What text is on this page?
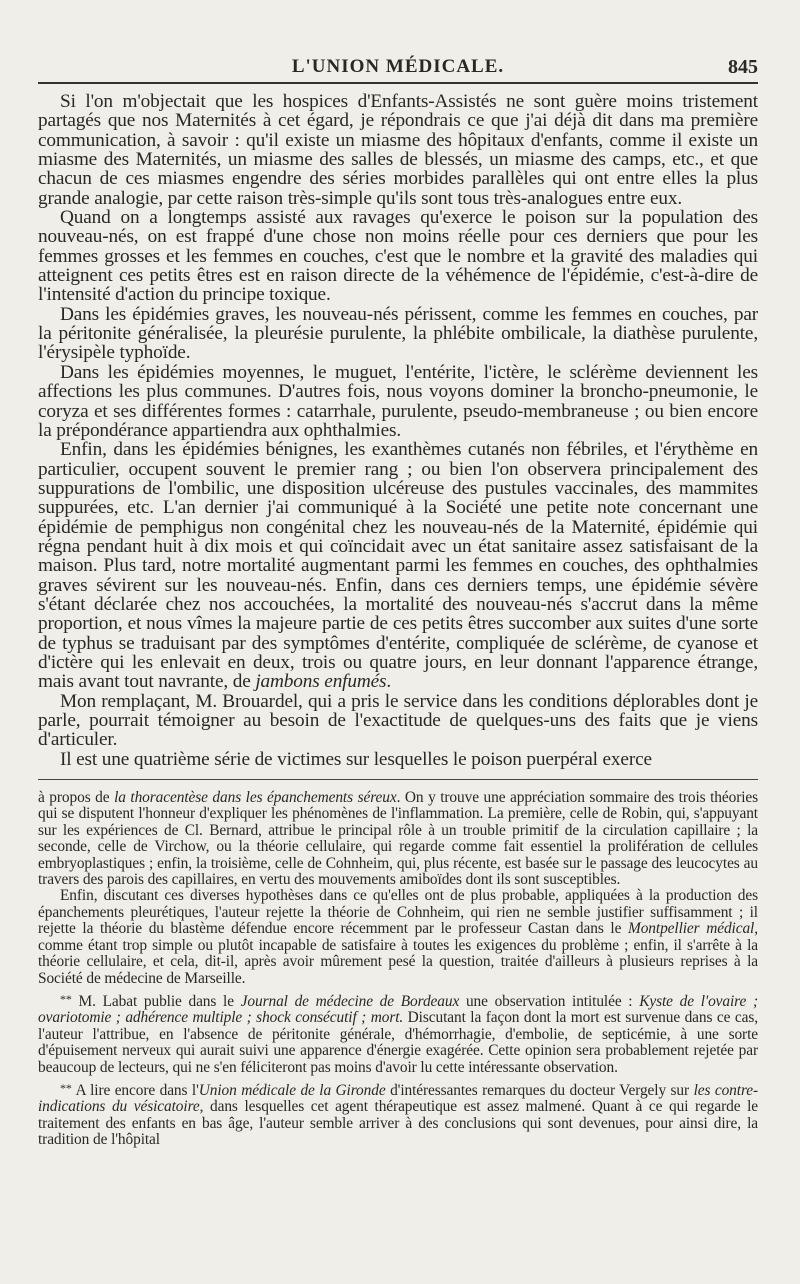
L'UNION MÉDICALE.	845

Si l'on m'objectait que les hospices d'Enfants-Assistés ne sont guère moins tristement partagés que nos Maternités à cet égard, je répondrais ce que j'ai déjà dit dans ma première communication, à savoir : qu'il existe un miasme des hôpitaux d'enfants, comme il existe un miasme des Maternités, un miasme des salles de blessés, un miasme des camps, etc., et que chacun de ces miasmes engendre des séries morbides parallèles qui ont entre elles la plus grande analogie, par cette raison très-simple qu'ils sont tous très-analogues entre eux.

Quand on a longtemps assisté aux ravages qu'exerce le poison sur la population des nouveau-nés, on est frappé d'une chose non moins réelle pour ces derniers que pour les femmes grosses et les femmes en couches, c'est que le nombre et la gravité des maladies qui atteignent ces petits êtres est en raison directe de la véhémence de l'épidémie, c'est-à-dire de l'intensité d'action du principe toxique.

Dans les épidémies graves, les nouveau-nés périssent, comme les femmes en couches, par la péritonite généralisée, la pleurésie purulente, la phlébite ombilicale, la diathèse purulente, l'érysipèle typhoïde.

Dans les épidémies moyennes, le muguet, l'entérite, l'ictère, le sclérème deviennent les affections les plus communes. D'autres fois, nous voyons dominer la broncho-pneumonie, le coryza et ses différentes formes : catarrhale, purulente, pseudo-membraneuse ; ou bien encore la prépondérance appartiendra aux ophthalmies.

Enfin, dans les épidémies bénignes, les exanthèmes cutanés non fébriles, et l'érythème en particulier, occupent souvent le premier rang ; ou bien l'on observera principalement des suppurations de l'ombilic, une disposition ulcéreuse des pustules vaccinales, des mammites suppurées, etc. L'an dernier j'ai communiqué à la Société une petite note concernant une épidémie de pemphigus non congénital chez les nouveau-nés de la Maternité, épidémie qui régna pendant huit à dix mois et qui coïncidait avec un état sanitaire assez satisfaisant de la maison. Plus tard, notre mortalité augmentant parmi les femmes en couches, des ophthalmies graves sévirent sur les nouveau-nés. Enfin, dans ces derniers temps, une épidémie sévère s'étant déclarée chez nos accouchées, la mortalité des nouveau-nés s'accrut dans la même proportion, et nous vîmes la majeure partie de ces petits êtres succomber aux suites d'une sorte de typhus se traduisant par des symptômes d'entérite, compliquée de sclérème, de cyanose et d'ictère qui les enlevait en deux, trois ou quatre jours, en leur donnant l'apparence étrange, mais avant tout navrante, de jambons enfumés.

Mon remplaçant, M. Brouardel, qui a pris le service dans les conditions déplorables dont je parle, pourrait témoigner au besoin de l'exactitude de quelques-uns des faits que je viens d'articuler.

Il est une quatrième série de victimes sur lesquelles le poison puerpéral exerce

à propos de la thoracentèse dans les épanchements séreux. On y trouve une appréciation sommaire des trois théories qui se disputent l'honneur d'expliquer les phénomènes de l'inflammation. La première, celle de Robin, qui, s'appuyant sur les expériences de Cl. Bernard, attribue le principal rôle à un trouble primitif de la circulation capillaire ; la seconde, celle de Virchow, ou la théorie cellulaire, qui regarde comme fait essentiel la prolifération de cellules embryoplastiques ; enfin, la troisième, celle de Cohnheim, qui, plus récente, est basée sur le passage des leucocytes au travers des parois des capillaires, en vertu des mouvements amiboïdes dont ils sont susceptibles.

Enfin, discutant ces diverses hypothèses dans ce qu'elles ont de plus probable, appliquées à la production des épanchements pleurétiques, l'auteur rejette la théorie de Cohnheim, qui rien ne semble justifier suffisamment ; il rejette la théorie du blastème défendue encore récemment par le professeur Castan dans le Montpellier médical, comme étant trop simple ou plutôt incapable de satisfaire à toutes les exigences du problème ; enfin, il s'arrête à la théorie cellulaire, et cela, dit-il, après avoir mûrement pesé la question, traitée d'ailleurs à plusieurs reprises à la Société de médecine de Marseille.

** M. Labat publie dans le Journal de médecine de Bordeaux une observation intitulée : Kyste de l'ovaire ; ovariotomie ; adhérence multiple ; shock consécutif ; mort. Discutant la façon dont la mort est survenue dans ce cas, l'auteur l'attribue, en l'absence de péritonite générale, d'hémorrhagie, d'embolie, de septicémie, à une sorte d'épuisement nerveux qui aurait suivi une apparence d'énergie exagérée. Cette opinion sera probablement rejetée par beaucoup de lecteurs, qui ne s'en féliciteront pas moins d'avoir lu cette intéressante observation.

** A lire encore dans l'Union médicale de la Gironde d'intéressantes remarques du docteur Vergely sur les contre-indications du vésicatoire, dans lesquelles cet agent thérapeutique est assez malmené. Quant à ce qui regarde le traitement des enfants en bas âge, l'auteur semble arriver à des conclusions qui sont devenues, pour ainsi dire, la tradition de l'hôpital
